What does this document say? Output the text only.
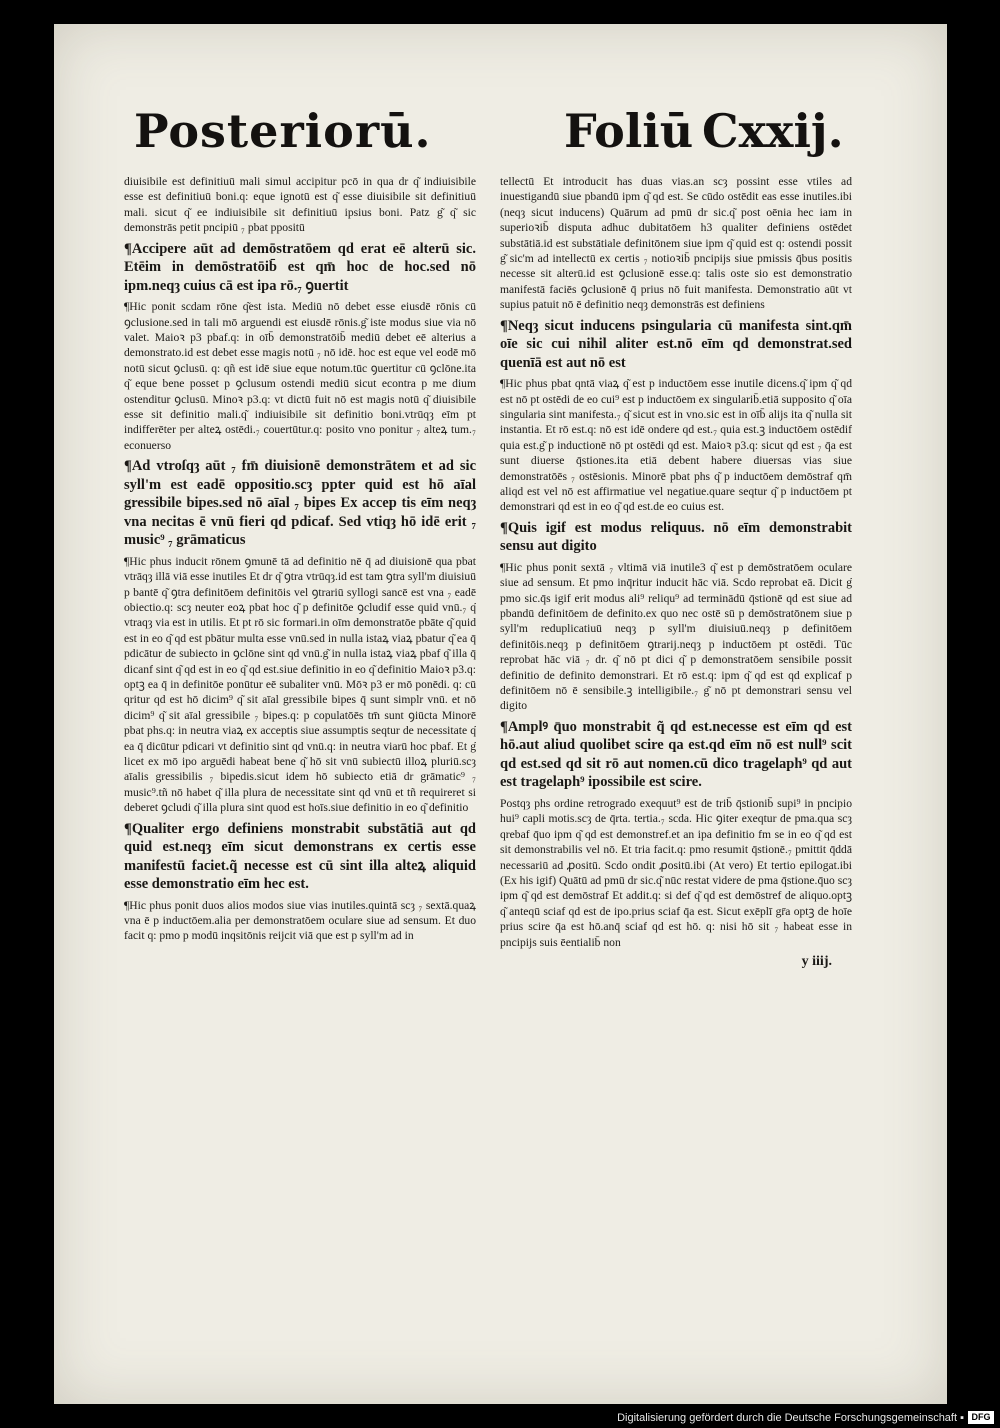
Posteriorū.	Foliū Cxxij.

diuisibile est definitiuū mali simul accipitur pcō in qua dr q͂ indiuisibile esse est definitiuū boni.q: eque ignotū est q͂ esse diuisibile sit definitiuū mali. sicut q͂ ee indiuisibile sit definitiuū ipsius boni. Patz g͂ q͂ sic demonstrās petit pncipiū ₇ pbat ppositū

¶Accipere aūt ad demōstratōem qd erat eē alterū sic. Etēim in demōstratōib̄ est qm̄ hoc de hoc.sed nō ipm.neqȝ cuius cā est ipa rō.₇ ꝯuertit

¶Hic ponit scdam rōne q͂est ista. Mediū nō debet esse eiusdē rōnis cū ꝯclusione.sed in tali mō arguendi est eiusdē rōnis.g͂ iste modus siue via nō valet. Maioꝛ p3 pbaf.q: in oīb̄ demonstratōib̄ mediū debet eē alterius a demonstrato.id est debet esse magis notū ₇ nō idē. hoc est eque vel eodē mō notū sicut ꝯclusū. q: qñ est idē siue eque notum.tūc ꝯuertitur cū ꝯclōne.ita q͂ eque bene posset p ꝯclusum ostendi mediū sicut econtra p me dium ostenditur ꝯclusū. Minoꝛ p3.q: vt dictū fuit nō est magis notū q͂ diuisibile esse sit definitio mali.q͂ indiuisibile sit definitio boni.vtrūqȝ eīm pt indifferēter per alteꝝ ostēdi.₇ couertūtur.q: posito vno ponitur ₇ alteꝝ tum.₇ econuerso

¶Ad vtroſqȝ aūt ₇ fm̄ diuisionē demonstrātem et ad sic syll'm est eadē oppositio.scȝ ppter quid est hō aīal gressibile bipes.sed nō aīal ₇ bipes Ex accep tis eīm neqȝ vna necitas ē vnū fieri qd pdicaf. Sed vtiqȝ hō idē erit ₇ music⁹ ₇ grāmaticus

¶Hic phus inducit rōnem ꝯmunē tā ad definitio nē q̄ ad diuisionē qua pbat vtrāqȝ illā viā esse inutiles Et dr q͂ ꝯtra vtrūqȝ.id est tam ꝯtra syll'm diuisiuū p bantē q͂ ꝯtra definitōem definitōis vel ꝯtrariū syllogi sancē est vna ₇ eadē obiectio.q: scȝ neuter eoꝝ pbat hoc q͂ p definitōe ꝯcludif esse quid vnū.₇ q͂ vtraqȝ via est in utilis. Et pt rō sic formari.in oīm demonstratōe pbāte q͂ quid est in eo q͂ qd est pbātur multa esse vnū.sed in nulla istaꝝ viaꝝ pbatur q͂ ea q̄ pdicātur de subiecto in ꝯclōne sint qd vnū.g͂ in nulla istaꝝ viaꝝ pbaf q͂ illa q̄ dicanf sint q͂ qd est in eo q͂ qd est.siue definitio in eo q͂ definitio Maioꝛ p3.q: optꝫ ea q̄ in definitōe ponūtur eē subaliter vnū. Mōꝛ p3 er mō ponēdi. q: cū qritur qd est hō dicim⁹ q͂ sit aīal gressibile bipes q̄ sunt simplr vnū. et nō dicim⁹ q͂ sit aīal gressibile ₇ bipes.q: p copulatōēs tm̄ sunt ꝯiūcta Minorē pbat phs.q: in neutra viaꝝ ex acceptis siue assumptis seqtur de necessitate q͂ ea q̄ dicūtur pdicari vt definitio sint qd vnū.q: in neutra viarū hoc pbaf. Et g͂ licet ex mō ipo arguēdi habeat bene q͂ hō sit vnū subiectū illoꝝ pluriū.scȝ aīalis gressibilis ₇ bipedis.sicut idem hō subiecto etiā dr grāmatic⁹ ₇ music⁹.tñ nō habet q͂ illa plura de necessitate sint qd vnū et tñ requireret si deberet ꝯcludi q͂ illa plura sint quod est hoīs.siue definitio in eo q͂ definitio

¶Qualiter ergo definiens monstrabit substātiā aut qd quid est.neqȝ eīm sicut demonstrans ex certis esse manifestū faciet.q͂ necesse est cū sint illa alteꝝ aliquid esse demonstratio eīm hec est.

¶Hic phus ponit duos alios modos siue vias inutiles.quintā scȝ ₇ sextā.quaꝝ vna ē p inductōem.alia per demonstratōem oculare siue ad sensum. Et duo facit q: pmo p modū inqsitōnis reijcit viā que est p syll'm ad in

tellectū Et introducit has duas vias.an scȝ possint esse vtiles ad inuestigandū siue pbandū ipm q͂ qd est. Se cūdo ostēdit eas esse inutiles.ibi (neqȝ sicut inducens) Quārum ad pmū dr sic.q͂ post oēnia hec iam in superioꝛib̄ disputa adhuc dubitatōem h3 qualiter definiens ostēdet substātiā.id est substātiale definitōnem siue ipm q͂ quid est q: ostendi possit g͂ sic'm ad intellectū ex certis ₇ notioꝛib̄ pncipijs siue pmissis q̄bus positis necesse sit alterū.id est ꝯclusionē esse.q: talis oste sio est demonstratio manifestā faciēs ꝯclusionē q̄ prius nō fuit manifesta. Demonstratio aūt vt supius patuit nō ē definitio neqȝ demonstrās est definiens

¶Neqȝ sicut inducens psingularia cū manifesta sint.qm̄ oīe sic cui nihil aliter est.nō eīm qd demonstrat.sed quenīā est aut nō est

¶Hic phus pbat qntā viaꝝ q͂ est p inductōem esse inutile dicens.q͂ ipm q͂ qd est nō pt ostēdi de eo cui⁹ est p inductōem ex singularib̄.etiā supposito q͂ oīa singularia sint manifesta.₇ q͂ sicut est in vno.sic est in oīb̄ alijs ita q͂ nulla sit instantia. Et rō est.q: nō est idē ondere qd est.₇ quia est.ꝫ inductōem ostēdif quia est.g͂ p inductionē nō pt ostēdi qd est. Maioꝛ p3.q: sicut qd est ₇ q̄a est sunt diuerse q̄stiones.ita etiā debent habere diuersas vias siue demonstratōēs ₇ ostēsionis. Minorē pbat phs q͂ p inductōem demōstraf qm̄ aliqd est vel nō est affirmatiue vel negatiue.quare seqtur q͂ p inductōem pt demonstrari qd est in eo q͂ qd est.de eo cuius est.

¶Quis igif est modus reliquus. nō eīm demonstrabit sensu aut digito

¶Hic phus ponit sextā ₇ vltimā viā inutile3 q͂ est p demōstratōem oculare siue ad sensum. Et pmo inq̄ritur inducit hāc viā. Scdo reprobat eā. Dicit g͂ pmo sic.q̄s igif erit modus ali⁹ reliqu⁹ ad terminādū q̄stionē qd est siue ad pbandū definitōem de definito.ex quo nec ostē sū p demōstratōnem siue p syll'm reduplicatiuū neqȝ p syll'm diuisiuū.neqȝ p definitōem definitōis.neqȝ p definitōem ꝯtrarij.neqȝ p inductōem pt ostēdi. Tūc reprobat hāc viā ₇ dr. q͂ nō pt dici q͂ p demonstratōem sensibile possit definitio de definito demonstrari. Et rō est.q: ipm q͂ qd est qd explicaf p definitōem nō ē sensibile.ꝫ intelligibile.₇ g͂ nō pt demonstrari sensu vel digito

¶Amplꝰ q̄uo monstrabit q͂ qd est.necesse est eīm qd est hō.aut aliud quolibet scire qa est.qd eīm nō est null⁹ scit qd est.sed qd sit rō aut nomen.cū dico tragelaph⁹ qd aut est tragelaph⁹ ipossibile est scire.

Postqȝ phs ordine retrogrado exequut⁹ est de trib̄ q̄stionib̄ supi⁹ in pncipio hui⁹ capli motis.scȝ de q̄rta. tertia.₇ scda. Hic ꝯiter exeqtur de pma.qua scȝ qrebaf q̄uo ipm q͂ qd est demonstref.et an ipa definitio fm se in eo q͂ qd est sit demonstrabilis vel nō. Et tria facit.q: pmo resumit q̄stionē.₇ pmittit q̄ddā necessariū ad ꝓositū. Scdo ondit ꝓositū.ibi (At vero) Et tertio epilogat.ibi (Ex his igif) Quātū ad pmū dr sic.q͂ nūc restat videre de pma q̄stione.q̄uo scȝ ipm q͂ qd est demōstraf Et addit.q: si def q͂ qd est demōstref de aliquo.optꝫ q͂ anteqū sciaf qd est de ipo.prius sciaf q̄a est. Sicut exēplī gr̄a optꝫ de hoīe prius scire q̄a est hō.anq̄ sciaf qd est hō. q: nisi hō sit ₇ habeat esse in pncipijs suis ēentialib̄ non

y iiij.

Digitalisierung gefördert durch die Deutsche Forschungsgemeinschaft ▪ DFG
